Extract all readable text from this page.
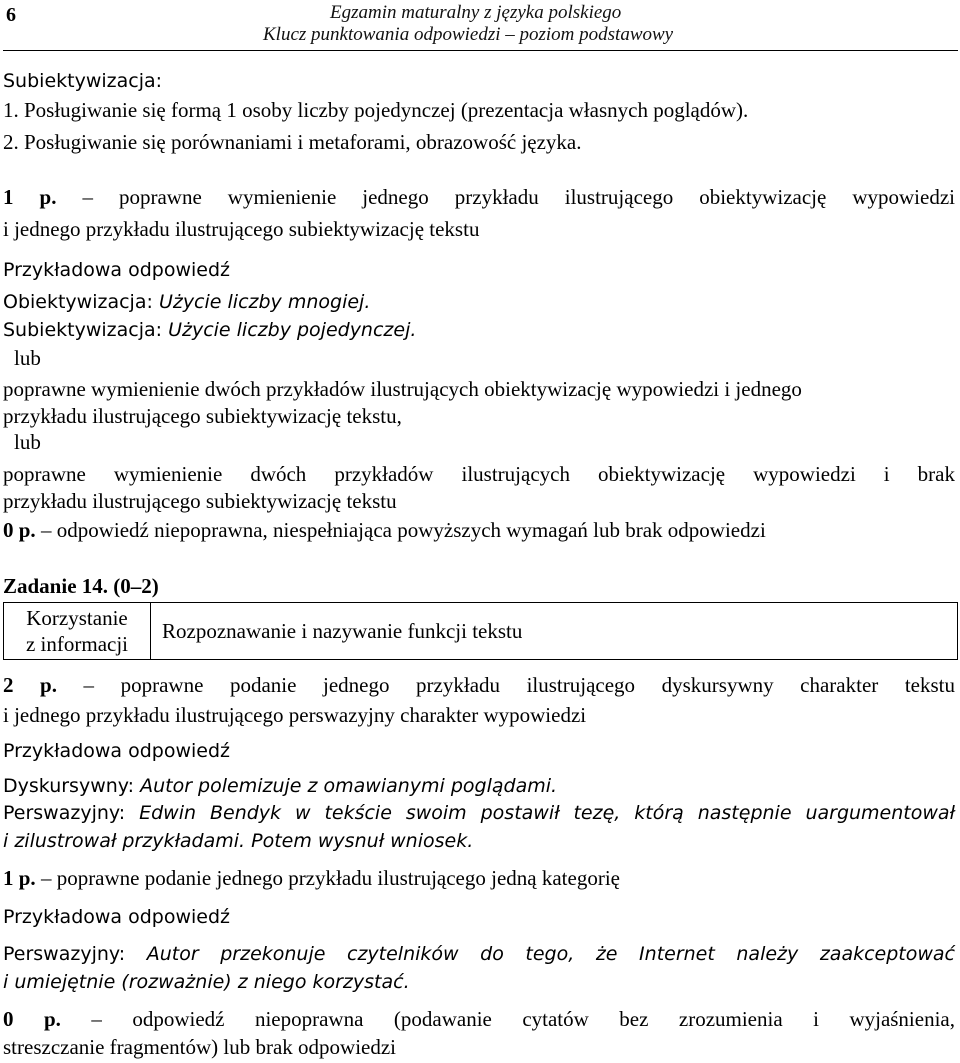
6	Egzamin maturalny z języka polskiego
Klucz punktowania odpowiedzi – poziom podstawowy
Subiektywizacja:
1. Posługiwanie się formą 1 osoby liczby pojedynczej (prezentacja własnych poglądów).
2. Posługiwanie się porównaniami i metaforami, obrazowość języka.
1 p. – poprawne wymienienie jednego przykładu ilustrującego obiektywizację wypowiedzi
i jednego przykładu ilustrującego subiektywizację tekstu
Przykładowa odpowiedź
Obiektywizacja: Użycie liczby mnogiej.
Subiektywizacja: Użycie liczby pojedynczej.
lub
poprawne wymienienie dwóch przykładów ilustrujących obiektywizację wypowiedzi i jednego
przykładu ilustrującego subiektywizację tekstu,
lub
poprawne wymienienie dwóch przykładów ilustrujących obiektywizację wypowiedzi i brak
przykładu ilustrującego subiektywizację tekstu
0 p. – odpowiedź niepoprawna, niespełniająca powyższych wymagań lub brak odpowiedzi
Zadanie 14. (0–2)
Korzystanie
z informacji
Rozpoznawanie i nazywanie funkcji tekstu
2 p. – poprawne podanie jednego przykładu ilustrującego dyskursywny charakter tekstu
i jednego przykładu ilustrującego perswazyjny charakter wypowiedzi
Przykładowa odpowiedź
Dyskursywny: Autor polemizuje z omawianymi poglądami.
Perswazyjny: Edwin Bendyk w tekście swoim postawił tezę, którą następnie uargumentował
i zilustrował przykładami. Potem wysnuł wniosek.
1 p. – poprawne podanie jednego przykładu ilustrującego jedną kategorię
Przykładowa odpowiedź
Perswazyjny: Autor przekonuje czytelników do tego, że Internet należy zaakceptować
i umiejętnie (rozważnie) z niego korzystać.
0 p. – odpowiedź niepoprawna (podawanie cytatów bez zrozumienia i wyjaśnienia,
streszczanie fragmentów) lub brak odpowiedzi
